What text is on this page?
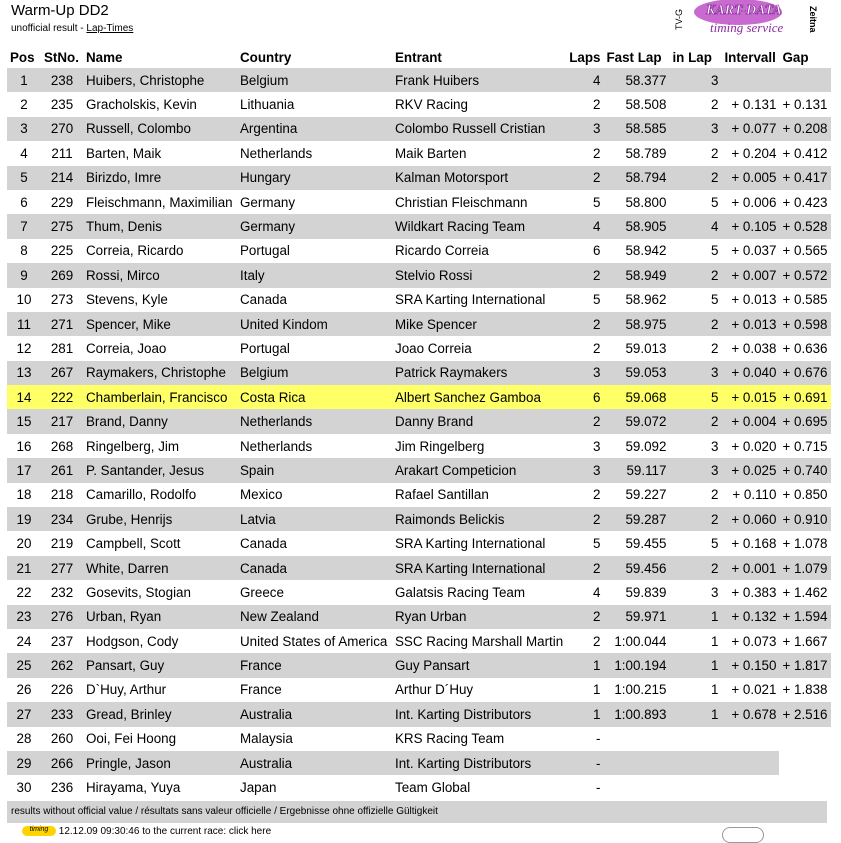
Warm-Up DD2
unofficial result - Lap-Times	TV-G KART-DATA
timing service	Zeitna
Pos	StNo.	Name	Country	Entrant	Laps	Fast Lap	in Lap	Intervall	Gap
1	238	Huibers, Christophe	Belgium	Frank Huibers	4	58.377	3		
2	235	Gracholskis, Kevin	Lithuania	RKV Racing	2	58.508	2	+ 0.131	+ 0.131
3	270	Russell, Colombo	Argentina	Colombo Russell Cristian	3	58.585	3	+ 0.077	+ 0.208
4	211	Barten, Maik	Netherlands	Maik Barten	2	58.789	2	+ 0.204	+ 0.412
5	214	Birizdo, Imre	Hungary	Kalman Motorsport	2	58.794	2	+ 0.005	+ 0.417
6	229	Fleischmann, Maximilian	Germany	Christian Fleischmann	5	58.800	5	+ 0.006	+ 0.423
7	275	Thum, Denis	Germany	Wildkart Racing Team	4	58.905	4	+ 0.105	+ 0.528
8	225	Correia, Ricardo	Portugal	Ricardo Correia	6	58.942	5	+ 0.037	+ 0.565
9	269	Rossi, Mirco	Italy	Stelvio Rossi	2	58.949	2	+ 0.007	+ 0.572
10	273	Stevens, Kyle	Canada	SRA Karting International	5	58.962	5	+ 0.013	+ 0.585
11	271	Spencer, Mike	United Kindom	Mike Spencer	2	58.975	2	+ 0.013	+ 0.598
12	281	Correia, Joao	Portugal	Joao Correia	2	59.013	2	+ 0.038	+ 0.636
13	267	Raymakers, Christophe	Belgium	Patrick Raymakers	3	59.053	3	+ 0.040	+ 0.676
14	222	Chamberlain, Francisco	Costa Rica	Albert Sanchez Gamboa	6	59.068	5	+ 0.015	+ 0.691
15	217	Brand, Danny	Netherlands	Danny Brand	2	59.072	2	+ 0.004	+ 0.695
16	268	Ringelberg, Jim	Netherlands	Jim Ringelberg	3	59.092	3	+ 0.020	+ 0.715
17	261	P. Santander, Jesus	Spain	Arakart Competicion	3	59.117	3	+ 0.025	+ 0.740
18	218	Camarillo, Rodolfo	Mexico	Rafael Santillan	2	59.227	2	+ 0.110	+ 0.850
19	234	Grube, Henrijs	Latvia	Raimonds Belickis	2	59.287	2	+ 0.060	+ 0.910
20	219	Campbell, Scott	Canada	SRA Karting International	5	59.455	5	+ 0.168	+ 1.078
21	277	White, Darren	Canada	SRA Karting International	2	59.456	2	+ 0.001	+ 1.079
22	232	Gosevits, Stogian	Greece	Galatsis Racing Team	4	59.839	3	+ 0.383	+ 1.462
23	276	Urban, Ryan	New Zealand	Ryan Urban	2	59.971	1	+ 0.132	+ 1.594
24	237	Hodgson, Cody	United States of America	SSC Racing Marshall Martin	2	1:00.044	1	+ 0.073	+ 1.667
25	262	Pansart, Guy	France	Guy Pansart	1	1:00.194	1	+ 0.150	+ 1.817
26	226	D`Huy, Arthur	France	Arthur D´Huy	1	1:00.215	1	+ 0.021	+ 1.838
27	233	Gread, Brinley	Australia	Int. Karting Distributors	1	1:00.893	1	+ 0.678	+ 2.516
28	260	Ooi, Fei Hoong	Malaysia	KRS Racing Team	-				
29	266	Pringle, Jason	Australia	Int. Karting Distributors	-				
30	236	Hirayama, Yuya	Japan	Team Global	-				
results without official value / résultats sans valeur officielle / Ergebnisse ohne offizielle Gültigkeit
timing 12.12.09 09:30:46 to the current race: click here
